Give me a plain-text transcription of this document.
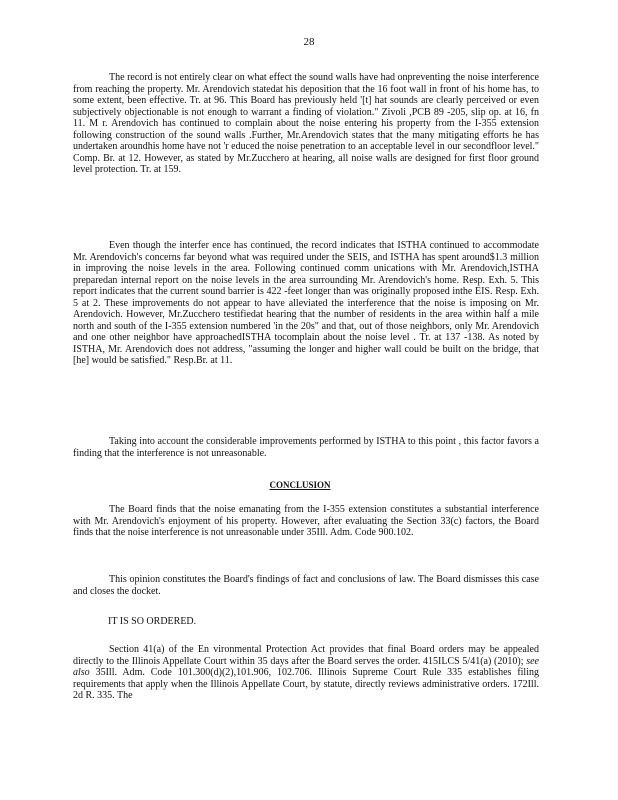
28

The record is not entirely clear on what effect the sound walls have had onpreventing the noise interference from reaching the property. Mr. Arendovich statedat his deposition that the 16 foot wall in front of his home has, to some extent, been effective. Tr. at 96. This Board has previously held '[t] hat sounds are clearly perceived or even subjectively objectionable is not enough to warrant a finding of violation." Zivoli ,PCB 89 -205, slip op. at 16, fn 11. M r. Arendovich has continued to complain about the noise entering his property from the I-355 extension following construction of the sound walls .Further, Mr.Arendovich states that the many mitigating efforts he has undertaken aroundhis home have not 'r educed the noise penetration to an acceptable level in our secondfloor level." Comp. Br. at 12. However, as stated by Mr.Zucchero at hearing, all noise walls are designed for first floor ground level protection. Tr. at 159.

Even though the interfer ence has continued, the record indicates that ISTHA continued to accommodate Mr. Arendovich's concerns far beyond what was required under the SEIS, and ISTHA has spent around$1.3 million in improving the noise levels in the area. Following continued comm unications with Mr. Arendovich,ISTHA preparedan internal report on the noise levels in the area surrounding Mr. Arendovich's home. Resp. Exh. 5. This report indicates that the current sound barrier is 422 -feet longer than was originally proposed inthe EIS. Resp. Exh. 5 at 2. These improvements do not appear to have alleviated the interference that the noise is imposing on Mr. Arendovich. However, Mr.Zucchero testifiedat hearing that the number of residents in the area within half a mile north and south of the I-355 extension numbered 'in the 20s" and that, out of those neighbors, only Mr. Arendovich and one other neighbor have approachedISTHA tocomplain about the noise level . Tr. at 137 -138. As noted by ISTHA, Mr. Arendovich does not address, "assuming the longer and higher wall could be built on the bridge, that [he] would be satisfied." Resp.Br. at 11.

Taking into account the considerable improvements performed by ISTHA to this point , this factor favors a finding that the interference is not unreasonable.

CONCLUSION

The Board finds that the noise emanating from the I-355 extension constitutes a substantial interference with Mr. Arendovich's enjoyment of his property. However, after evaluating the Section 33(c) factors, the Board finds that the noise interference is not unreasonable under 35Ill. Adm. Code 900.102.

This opinion constitutes the Board's findings of fact and conclusions of law. The Board dismisses this case and closes the docket.

IT IS SO ORDERED.

Section 41(a) of the En vironmental Protection Act provides that final Board orders may be appealed directly to the Illinois Appellate Court within 35 days after the Board serves the order. 415ILCS 5/41(a) (2010); see also 35Ill. Adm. Code 101.300(d)(2),101.906, 102.706. Illinois Supreme Court Rule 335 establishes filing requirements that apply when the Illinois Appellate Court, by statute, directly reviews administrative orders. 172Ill. 2d R. 335. The
